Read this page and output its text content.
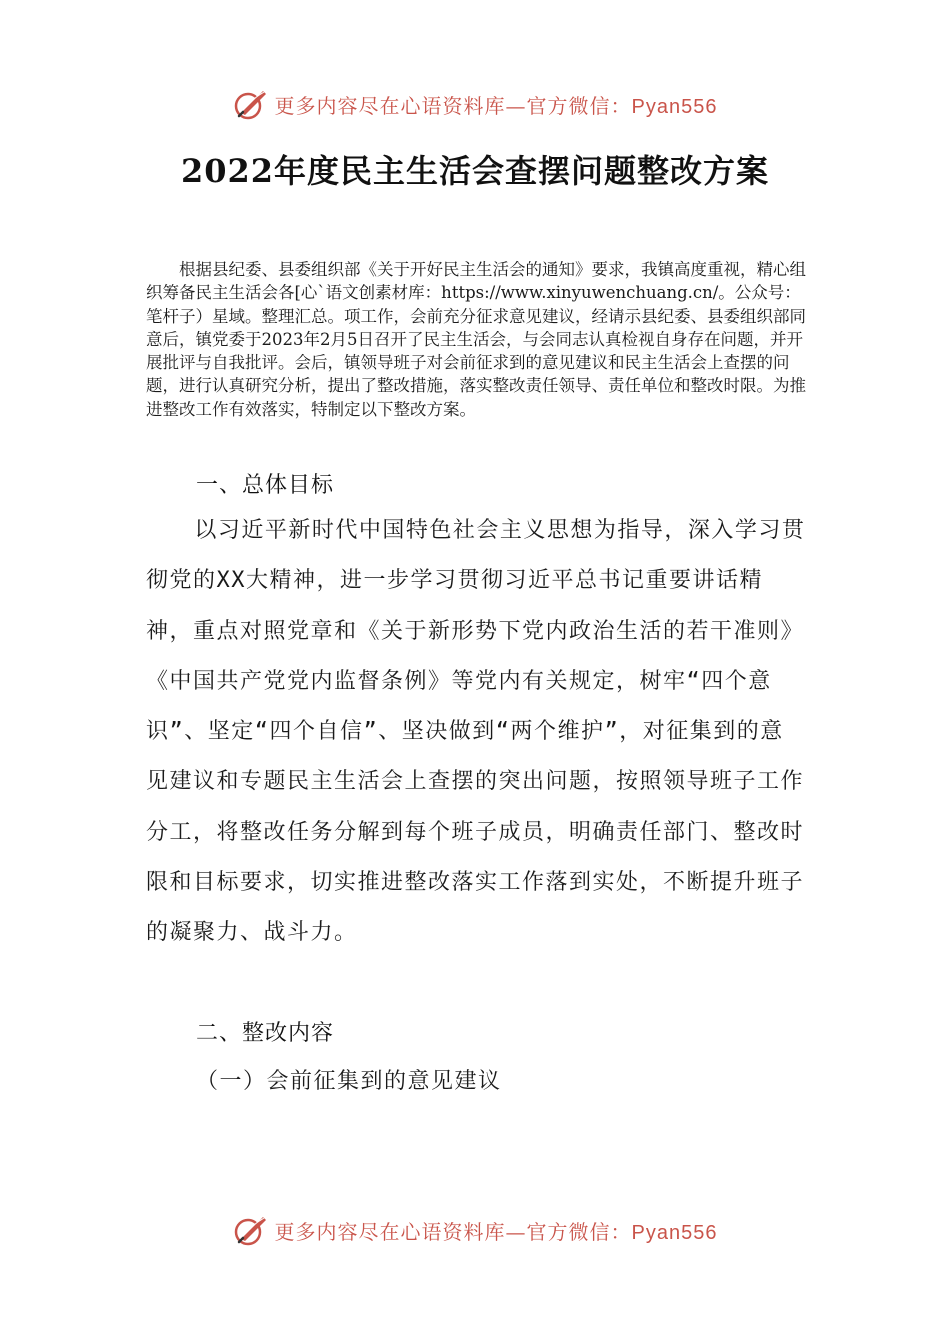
更多内容尽在心语资料库—官方微信：Pyan556
2022年度民主生活会查摆问题整改方案
根据县纪委、县委组织部《关于开好民主生活会的通知》要求，我镇高度重视，精心组织筹备民主生活会各[心`语文创素材库：https://www.xinyuwenchuang.cn/。公众号：笔杆子）星域。整理汇总。项工作，会前充分征求意见建议，经请示县纪委、县委组织部同意后，镇党委于2023年2月5日召开了民主生活会，与会同志认真检视自身存在问题，并开展批评与自我批评。会后，镇领导班子对会前征求到的意见建议和民主生活会上查摆的问题，进行认真研究分析，提出了整改措施，落实整改责任领导、责任单位和整改时限。为推进整改工作有效落实，特制定以下整改方案。
一、总体目标
以习近平新时代中国特色社会主义思想为指导，深入学习贯彻党的XX大精神，进一步学习贯彻习近平总书记重要讲话精神，重点对照党章和《关于新形势下党内政治生活的若干准则》《中国共产党党内监督条例》等党内有关规定，树牢“四个意识”、坚定“四个自信”、坚决做到“两个维护”，对征集到的意见建议和专题民主生活会上查摆的突出问题，按照领导班子工作分工，将整改任务分解到每个班子成员，明确责任部门、整改时限和目标要求，切实推进整改落实工作落到实处，不断提升班子的凝聚力、战斗力。
二、整改内容
（一）会前征集到的意见建议
更多内容尽在心语资料库—官方微信：Pyan556
